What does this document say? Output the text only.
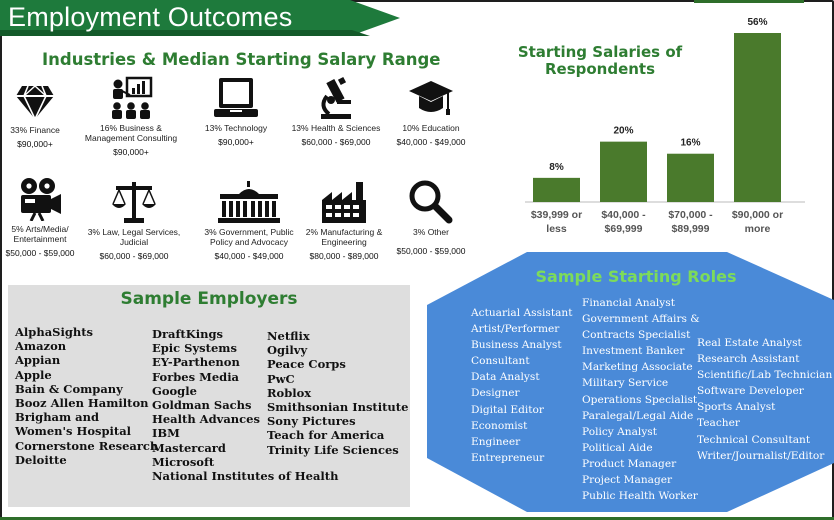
Employment Outcomes
Industries & Median Starting Salary Range
33% Finance
$90,000+
16% Business & Management Consulting
$90,000+
13% Technology
$90,000+
13% Health & Sciences
$60,000 - $69,000
10% Education
$40,000 - $49,000
5% Arts/Media/ Entertainment
$50,000 - $59,000
3% Law, Legal Services, Judicial
$60,000 - $69,000
3% Government, Public Policy and Advocacy
$40,000 - $49,000
2% Manufacturing & Engineering
$80,000 - $89,000
3% Other
$50,000 - $59,000
Starting Salaries of Respondents
8%
$39,999 or
less
20%
$40,000 -
$69,999
16%
$70,000 -
$89,999
56%
$90,000 or
more
Sample Employers
AlphaSights
Amazon
Appian
Apple
Bain & Company
Booz Allen Hamilton
Brigham and
Women's Hospital
Cornerstone Research
Deloitte
DraftKings
Epic Systems
EY-Parthenon
Forbes Media
Google
Goldman Sachs
Health Advances
IBM
Mastercard
Microsoft
National Institutes of Health
Netflix
Ogilvy
Peace Corps
PwC
Roblox
Smithsonian Institute
Sony Pictures
Teach for America
Trinity Life Sciences
Sample Starting Roles
Actuarial Assistant
Artist/Performer
Business Analyst
Consultant
Data Analyst
Designer
Digital Editor
Economist
Engineer
Entrepreneur
Financial Analyst
Government Affairs &
Contracts Specialist
Investment Banker
Marketing Associate
Military Service
Operations Specialist
Paralegal/Legal Aide
Policy Analyst
Political Aide
Product Manager
Project Manager
Public Health Worker
Real Estate Analyst
Research Assistant
Scientific/Lab Technician
Software Developer
Sports Analyst
Teacher
Technical Consultant
Writer/Journalist/Editor
